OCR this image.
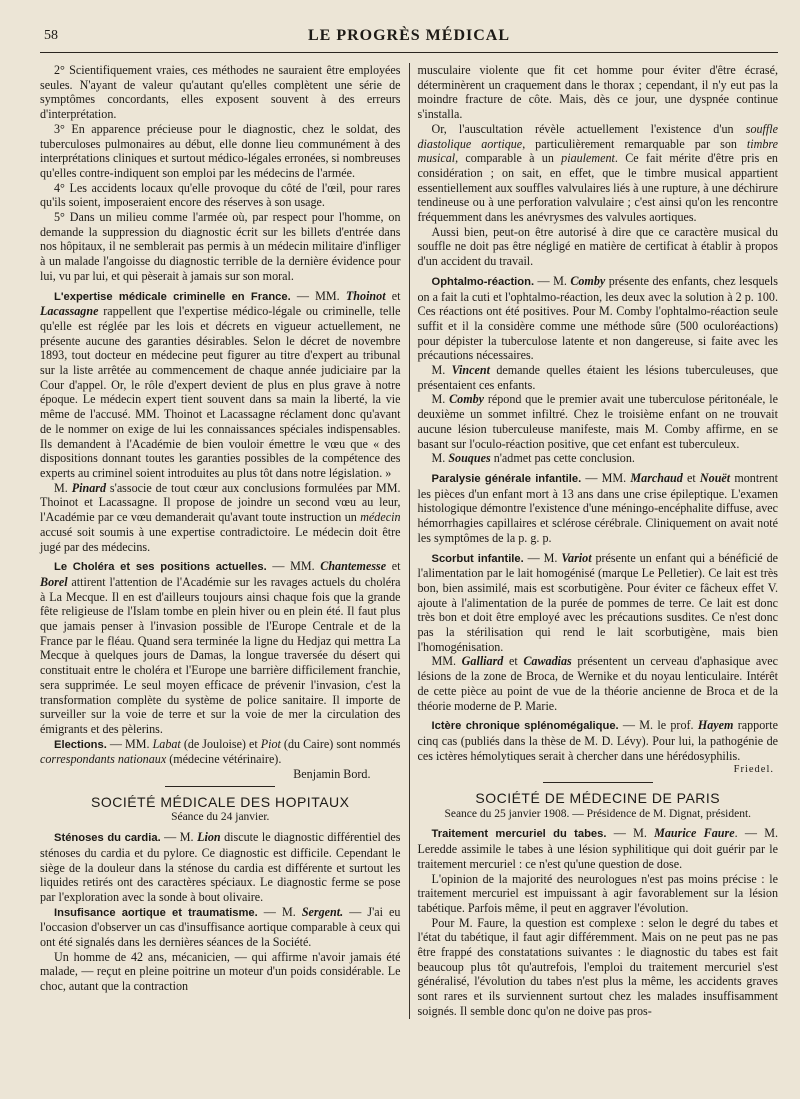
58	LE PROGRÈS MÉDICAL

2° Scientifiquement vraies, ces méthodes ne sauraient être employées seules. N'ayant de valeur qu'autant qu'elles complètent une série de symptômes concordants, elles exposent souvent à des erreurs d'interprétation.

3° En apparence précieuse pour le diagnostic, chez le soldat, des tuberculoses pulmonaires au début, elle donne lieu communément à des interprétations cliniques et surtout médico-légales erronées, si nombreuses qu'elles contre-indiquent son emploi par les médecins de l'armée.

4° Les accidents locaux qu'elle provoque du côté de l'œil, pour rares qu'ils soient, imposeraient encore des réserves à son usage.

5° Dans un milieu comme l'armée où, par respect pour l'homme, on demande la suppression du diagnostic écrit sur les billets d'entrée dans nos hôpitaux, il ne semblerait pas permis à un médecin militaire d'infliger à un malade l'angoisse du diagnostic terrible de la dernière évidence pour lui, vu par lui, et qui pèserait à jamais sur son moral.

L'expertise médicale criminelle en France. — MM. Thoinot et Lacassagne rappellent que l'expertise médico-légale ou criminelle, telle qu'elle est réglée par les lois et décrets en vigueur actuellement, ne présente aucune des garanties désirables. Selon le décret de novembre 1893, tout docteur en médecine peut figurer au titre d'expert au tribunal sur la liste arrêtée au commencement de chaque année judiciaire par la Cour d'appel. Or, le rôle d'expert devient de plus en plus grave à notre époque. Le médecin expert tient souvent dans sa main la liberté, la vie même de l'accusé. MM. Thoinot et Lacassagne réclament donc qu'avant de le nommer on exige de lui les connaissances spéciales indispensables. Ils demandent à l'Académie de bien vouloir émettre le vœu que « des dispositions donnant toutes les garanties possibles de la compétence des experts au criminel soient introduites au plus tôt dans notre législation. »

M. Pinard s'associe de tout cœur aux conclusions formulées par MM. Thoinot et Lacassagne. Il propose de joindre un second vœu au leur, l'Académie par ce vœu demanderait qu'avant toute instruction un médecin accusé soit soumis à une expertise contradictoire. Le médecin doit être jugé par des médecins.

Le Choléra et ses positions actuelles. — MM. Chantemesse et Borel attirent l'attention de l'Académie sur les ravages actuels du choléra à La Mecque. Il en est d'ailleurs toujours ainsi chaque fois que la grande fête religieuse de l'Islam tombe en plein hiver ou en plein été. Il faut plus que jamais penser à l'invasion possible de l'Europe Centrale et de la France par le fléau. Quand sera terminée la ligne du Hedjaz qui mettra La Mecque à quelques jours de Damas, la longue traversée du désert qui constituait entre le choléra et l'Europe une barrière difficilement franchie, sera supprimée. Le seul moyen efficace de prévenir l'invasion, c'est la transformation complète du système de police sanitaire. Il importe de surveiller sur la voie de terre et sur la voie de mer la circulation des émigrants et des pèlerins.

Elections. — MM. Labat (de Jouloise) et Piot (du Caire) sont nommés correspondants nationaux (médecine vétérinaire).

Benjamin Bord.
SOCIÉTÉ MÉDICALE DES HOPITAUX
Séance du 24 janvier.

Sténoses du cardia. — M. Lion discute le diagnostic différentiel des sténoses du cardia et du pylore. Ce diagnostic est difficile. Cependant le siège de la douleur dans la sténose du cardia est différente et surtout les liquides retirés ont des caractères spéciaux. Le diagnostic ferme se pose par l'exploration avec la sonde à bout olivaire.

Insufisance aortique et traumatisme. — M. Sergent. — J'ai eu l'occasion d'observer un cas d'insuffisance aortique comparable à ceux qui ont été signalés dans les dernières séances de la Société.

Un homme de 42 ans, mécanicien, — qui affirme n'avoir jamais été malade, — reçut en pleine poitrine un moteur d'un poids considérable. Le choc, autant que la contraction

musculaire violente que fit cet homme pour éviter d'être écrasé, déterminèrent un craquement dans le thorax ; cependant, il n'y eut pas la moindre fracture de côte. Mais, dès ce jour, une dyspnée continue s'installa.

Or, l'auscultation révèle actuellement l'existence d'un souffle diastolique aortique, particulièrement remarquable par son timbre musical, comparable à un piaulement. Ce fait mérite d'être pris en considération ; on sait, en effet, que le timbre musical appartient essentiellement aux souffles valvulaires liés à une rupture, à une déchirure tendineuse ou à une perforation valvulaire ; c'est ainsi qu'on les rencontre fréquemment dans les anévrysmes des valvules aortiques.

Aussi bien, peut-on être autorisé à dire que ce caractère musical du souffle ne doit pas être négligé en matière de certificat à établir à propos d'un accident du travail.

Ophtalmo-réaction. — M. Comby présente des enfants, chez lesquels on a fait la cuti et l'ophtalmo-réaction, les deux avec la solution à 2 p. 100. Ces réactions ont été positives. Pour M. Comby l'ophtalmo-réaction seule suffit et il la considère comme une méthode sûre (500 oculoréactions) pour dépister la tuberculose latente et non dangereuse, si faite avec les précautions nécessaires.

M. Vincent demande quelles étaient les lésions tuberculeuses, que présentaient ces enfants.

M. Comby répond que le premier avait une tuberculose péritonéale, le deuxième un sommet infiltré. Chez le troisième enfant on ne trouvait aucune lésion tuberculeuse manifeste, mais M. Comby affirme, en se basant sur l'oculo-réaction positive, que cet enfant est tuberculeux.

M. Souques n'admet pas cette conclusion.

Paralysie générale infantile. — MM. Marchaud et Nouët montrent les pièces d'un enfant mort à 13 ans dans une crise épileptique. L'examen histologique démontre l'existence d'une méningo-encéphalite diffuse, avec hémorrhagies capillaires et sclérose cérébrale. Cliniquement on avait noté les symptômes de la p. g. p.

Scorbut infantile. — M. Variot présente un enfant qui a bénéficié de l'alimentation par le lait homogénisé (marque Le Pelletier). Ce lait est très bon, bien assimilé, mais est scorbutigène. Pour éviter ce fâcheux effet V. ajoute à l'alimentation de la purée de pommes de terre. Ce lait est donc très bon et doit être employé avec les précautions susdites. Ce n'est donc pas la stérilisation qui rend le lait scorbutigène, mais bien l'homogénisation.

MM. Galliard et Cawadias présentent un cerveau d'aphasique avec lésions de la zone de Broca, de Wernike et du noyau lenticulaire. Intérêt de cette pièce au point de vue de la théorie ancienne de Broca et de la théorie moderne de P. Marie.

Ictère chronique splénomégalique. — M. le prof. Hayem rapporte cinq cas (publiés dans la thèse de M. D. Lévy). Pour lui, la pathogénie de ces ictères hémolytiques serait à chercher dans une hérédosyphilis.

Friedel.
SOCIÉTÉ DE MÉDECINE DE PARIS
Seance du 25 janvier 1908. — Présidence de M. Dignat, président.

Traitement mercuriel du tabes. — M. Maurice Faure. — M. Leredde assimile le tabes à une lésion syphilitique qui doit guérir par le traitement mercuriel : ce n'est qu'une question de dose.

L'opinion de la majorité des neurologues n'est pas moins précise : le traitement mercuriel est impuissant à agir favorablement sur la lésion tabétique. Parfois même, il peut en aggraver l'évolution.

Pour M. Faure, la question est complexe : selon le degré du tabes et l'état du tabétique, il faut agir différemment. Mais on ne peut pas ne pas être frappé des constatations suivantes : le diagnostic du tabes est fait beaucoup plus tôt qu'autrefois, l'emploi du traitement mercuriel s'est généralisé, l'évolution du tabes n'est plus la même, les accidents graves sont rares et ils surviennent surtout chez les malades insuffisamment soignés. Il semble donc qu'on ne doive pas pros-
